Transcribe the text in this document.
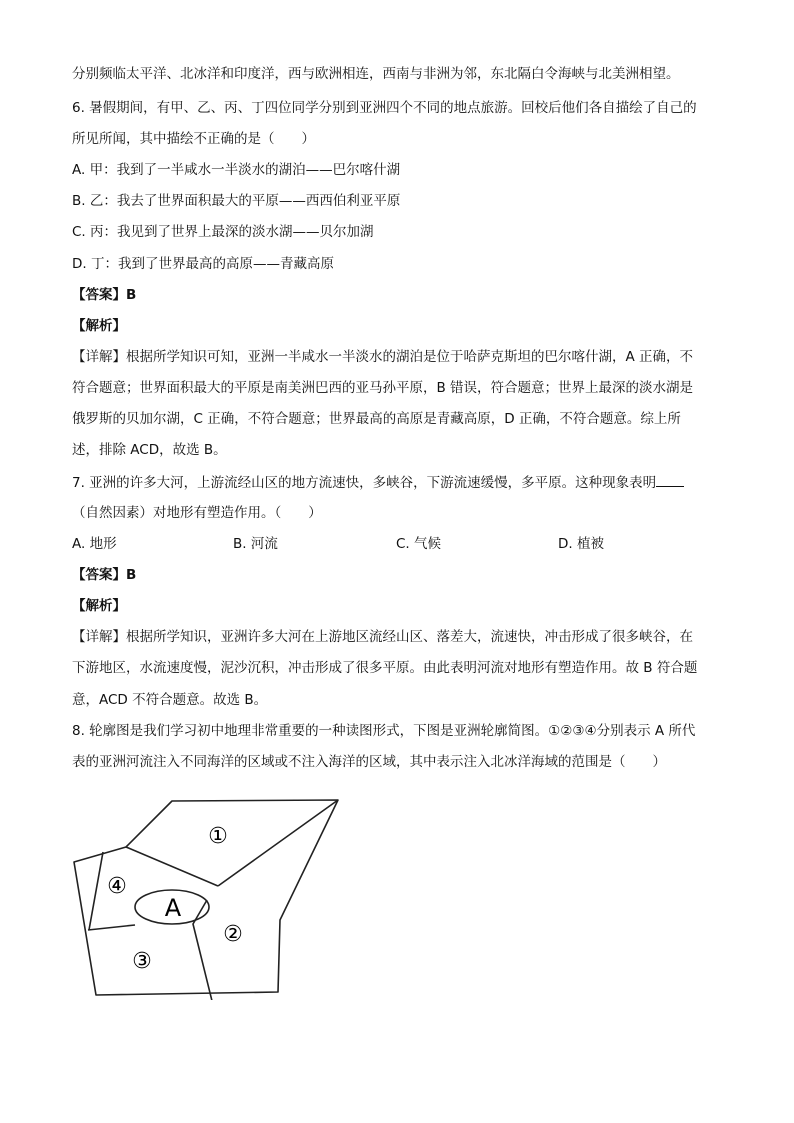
分别频临太平洋、北冰洋和印度洋，西与欧洲相连，西南与非洲为邻，东北隔白令海峡与北美洲相望。
6. 暑假期间，有甲、乙、丙、丁四位同学分别到亚洲四个不同的地点旅游。回校后他们各自描绘了自己的
所见所闻，其中描绘不正确的是（　　）
A. 甲：我到了一半咸水一半淡水的湖泊——巴尔喀什湖
B. 乙：我去了世界面积最大的平原——西西伯利亚平原
C. 丙：我见到了世界上最深的淡水湖——贝尔加湖
D. 丁：我到了世界最高的高原——青藏高原
【答案】B
【解析】
【详解】根据所学知识可知，亚洲一半咸水一半淡水的湖泊是位于哈萨克斯坦的巴尔喀什湖，A 正确，不
符合题意；世界面积最大的平原是南美洲巴西的亚马孙平原，B 错误，符合题意；世界上最深的淡水湖是
俄罗斯的贝加尔湖，C 正确，不符合题意；世界最高的高原是青藏高原，D 正确，不符合题意。综上所
述，排除 ACD，故选 B。
7. 亚洲的许多大河，上游流经山区的地方流速快，多峡谷，下游流速缓慢，多平原。这种现象表明
（自然因素）对地形有塑造作用。（　　）
A. 地形	B. 河流	C. 气候	D. 植被
【答案】B
【解析】
【详解】根据所学知识，亚洲许多大河在上游地区流经山区、落差大，流速快，冲击形成了很多峡谷，在
下游地区，水流速度慢，泥沙沉积，冲击形成了很多平原。由此表明河流对地形有塑造作用。故 B 符合题
意，ACD 不符合题意。故选 B。
8. 轮廓图是我们学习初中地理非常重要的一种读图形式，下图是亚洲轮廓简图。①②③④分别表示 A 所代
表的亚洲河流注入不同海洋的区域或不注入海洋的区域，其中表示注入北冰洋海域的范围是（　　）
①
④
A
②
③
